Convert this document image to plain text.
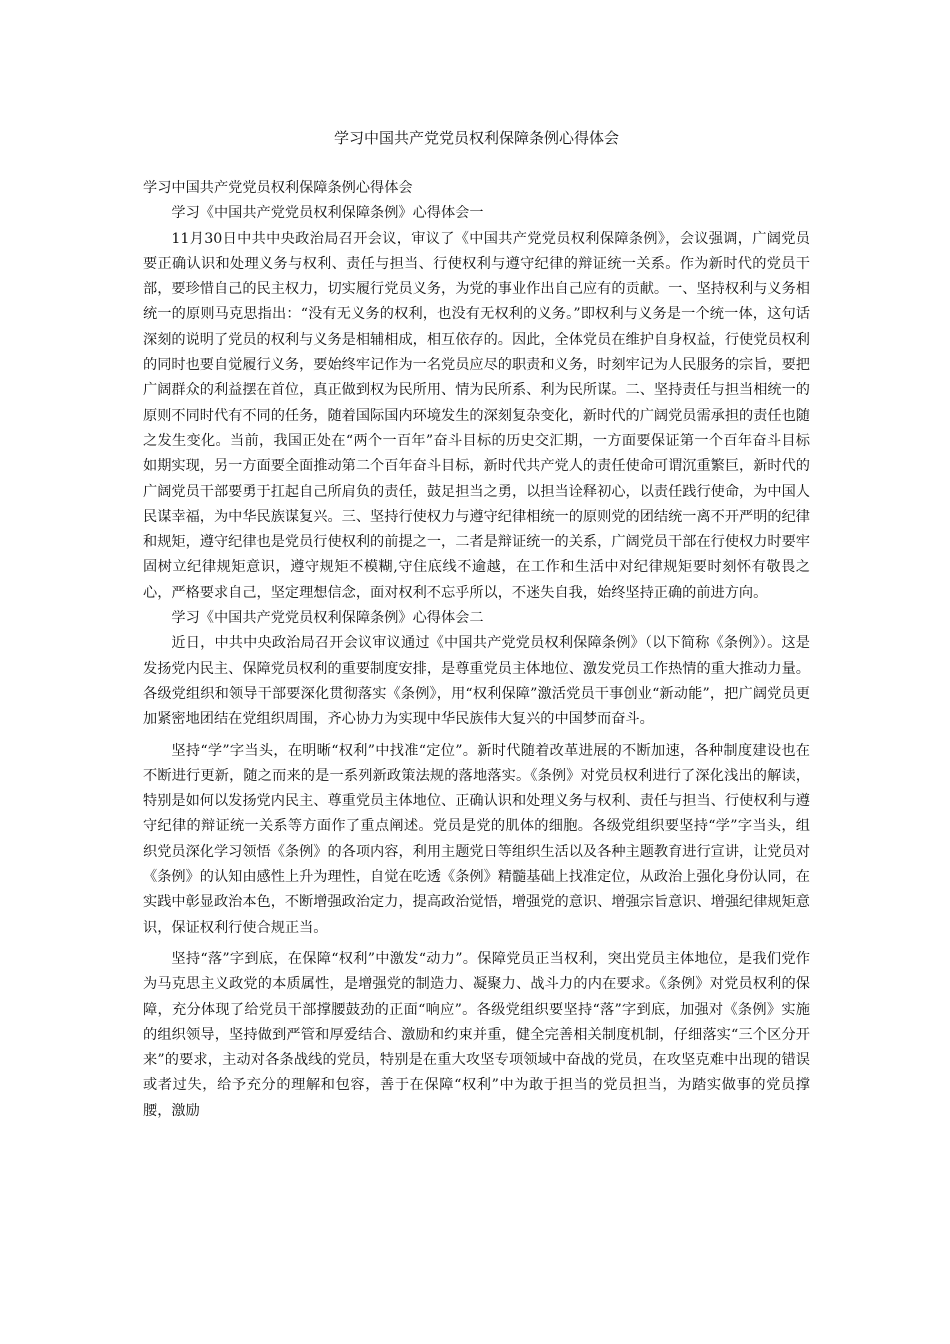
学习中国共产党党员权利保障条例心得体会

学习中国共产党党员权利保障条例心得体会

学习《中国共产党党员权利保障条例》心得体会一

11月30日中共中央政治局召开会议，审议了《中国共产党党员权利保障条例》，会议强调，广阔党员要正确认识和处理义务与权利、责任与担当、行使权利与遵守纪律的辩证统一关系。作为新时代的党员干部，要珍惜自己的民主权力，切实履行党员义务，为党的事业作出自己应有的贡献。一、坚持权利与义务相统一的原则马克思指出：“没有无义务的权利，也没有无权利的义务。”即权利与义务是一个统一体，这句话深刻的说明了党员的权利与义务是相辅相成，相互依存的。因此，全体党员在维护自身权益，行使党员权利的同时也要自觉履行义务，要始终牢记作为一名党员应尽的职责和义务，时刻牢记为人民服务的宗旨，要把广阔群众的利益摆在首位，真正做到权为民所用、情为民所系、利为民所谋。二、坚持责任与担当相统一的原则不同时代有不同的任务，随着国际国内环境发生的深刻复杂变化，新时代的广阔党员需承担的责任也随之发生变化。当前，我国正处在“两个一百年”奋斗目标的历史交汇期，一方面要保证第一个百年奋斗目标如期实现，另一方面要全面推动第二个百年奋斗目标，新时代共产党人的责任使命可谓沉重繁巨，新时代的广阔党员干部要勇于扛起自己所肩负的责任，鼓足担当之勇，以担当诠释初心，以责任践行使命，为中国人民谋幸福，为中华民族谋复兴。三、坚持行使权力与遵守纪律相统一的原则党的团结统一离不开严明的纪律和规矩，遵守纪律也是党员行使权利的前提之一，二者是辩证统一的关系，广阔党员干部在行使权力时要牢固树立纪律规矩意识，遵守规矩不模糊,守住底线不逾越，在工作和生活中对纪律规矩要时刻怀有敬畏之心，严格要求自己，坚定理想信念，面对权利不忘乎所以，不迷失自我，始终坚持正确的前进方向。

学习《中国共产党党员权利保障条例》心得体会二

近日，中共中央政治局召开会议审议通过《中国共产党党员权利保障条例》（以下简称《条例》）。这是发扬党内民主、保障党员权利的重要制度安排，是尊重党员主体地位、激发党员工作热情的重大推动力量。各级党组织和领导干部要深化贯彻落实《条例》，用“权利保障”激活党员干事创业“新动能”，把广阔党员更加紧密地团结在党组织周围，齐心协力为实现中华民族伟大复兴的中国梦而奋斗。

坚持“学”字当头，在明晰“权利”中找准“定位”。新时代随着改革进展的不断加速，各种制度建设也在不断进行更新，随之而来的是一系列新政策法规的落地落实。《条例》对党员权利进行了深化浅出的解读，特别是如何以发扬党内民主、尊重党员主体地位、正确认识和处理义务与权利、责任与担当、行使权利与遵守纪律的辩证统一关系等方面作了重点阐述。党员是党的肌体的细胞。各级党组织要坚持“学”字当头，组织党员深化学习领悟《条例》的各项内容，利用主题党日等组织生活以及各种主题教育进行宣讲，让党员对《条例》的认知由感性上升为理性，自觉在吃透《条例》精髓基础上找准定位，从政治上强化身份认同，在实践中彰显政治本色，不断增强政治定力，提高政治觉悟，增强党的意识、增强宗旨意识、增强纪律规矩意识，保证权利行使合规正当。

坚持“落”字到底，在保障“权利”中激发“动力”。保障党员正当权利，突出党员主体地位，是我们党作为马克思主义政党的本质属性，是增强党的制造力、凝聚力、战斗力的内在要求。《条例》对党员权利的保障，充分体现了给党员干部撑腰鼓劲的正面“响应”。各级党组织要坚持“落”字到底，加强对《条例》实施的组织领导，坚持做到严管和厚爱结合、激励和约束并重，健全完善相关制度机制，仔细落实“三个区分开来”的要求，主动对各条战线的党员，特别是在重大攻坚专项领域中奋战的党员，在攻坚克难中出现的错误或者过失，给予充分的理解和包容，善于在保障“权利”中为敢于担当的党员担当，为踏实做事的党员撑腰，激励
